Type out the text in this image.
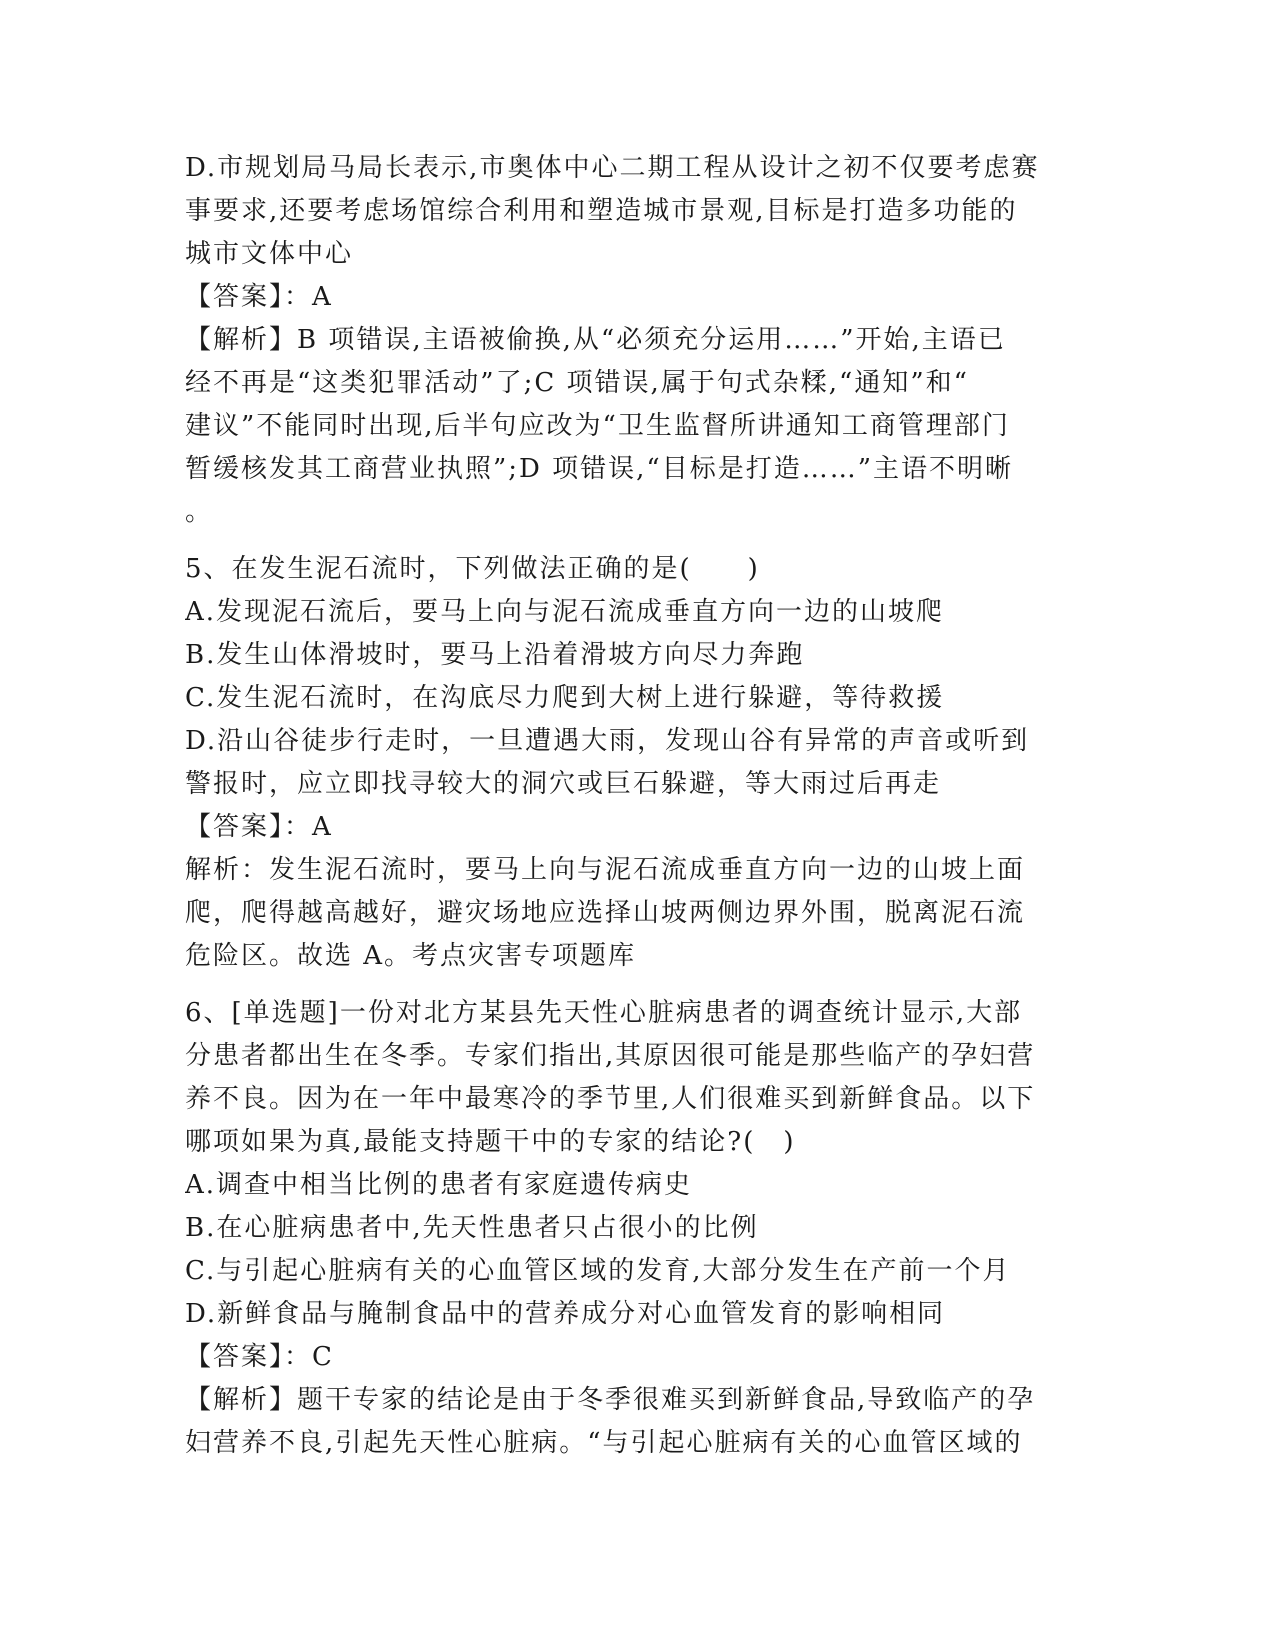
D.市规划局马局长表示,市奥体中心二期工程从设计之初不仅要考虑赛
事要求,还要考虑场馆综合利用和塑造城市景观,目标是打造多功能的
城市文体中心
【答案】：A
【解析】B 项错误,主语被偷换,从“必须充分运用……”开始,主语已
经不再是“这类犯罪活动”了;C 项错误,属于句式杂糅,“通知”和“
建议”不能同时出现,后半句应改为“卫生监督所讲通知工商管理部门
暂缓核发其工商营业执照”;D 项错误,“目标是打造……”主语不明晰
。
5、在发生泥石流时，下列做法正确的是(　　)
A.发现泥石流后，要马上向与泥石流成垂直方向一边的山坡爬
B.发生山体滑坡时，要马上沿着滑坡方向尽力奔跑
C.发生泥石流时，在沟底尽力爬到大树上进行躲避，等待救援
D.沿山谷徒步行走时，一旦遭遇大雨，发现山谷有异常的声音或听到
警报时，应立即找寻较大的洞穴或巨石躲避，等大雨过后再走
【答案】：A
解析：发生泥石流时，要马上向与泥石流成垂直方向一边的山坡上面
爬，爬得越高越好，避灾场地应选择山坡两侧边界外围，脱离泥石流
危险区。故选 A。考点灾害专项题库
6、[单选题]一份对北方某县先天性心脏病患者的调查统计显示,大部
分患者都出生在冬季。专家们指出,其原因很可能是那些临产的孕妇营
养不良。因为在一年中最寒冷的季节里,人们很难买到新鲜食品。以下
哪项如果为真,最能支持题干中的专家的结论?(　)
A.调查中相当比例的患者有家庭遗传病史
B.在心脏病患者中,先天性患者只占很小的比例
C.与引起心脏病有关的心血管区域的发育,大部分发生在产前一个月
D.新鲜食品与腌制食品中的营养成分对心血管发育的影响相同
【答案】：C
【解析】题干专家的结论是由于冬季很难买到新鲜食品,导致临产的孕
妇营养不良,引起先天性心脏病。“与引起心脏病有关的心血管区域的
